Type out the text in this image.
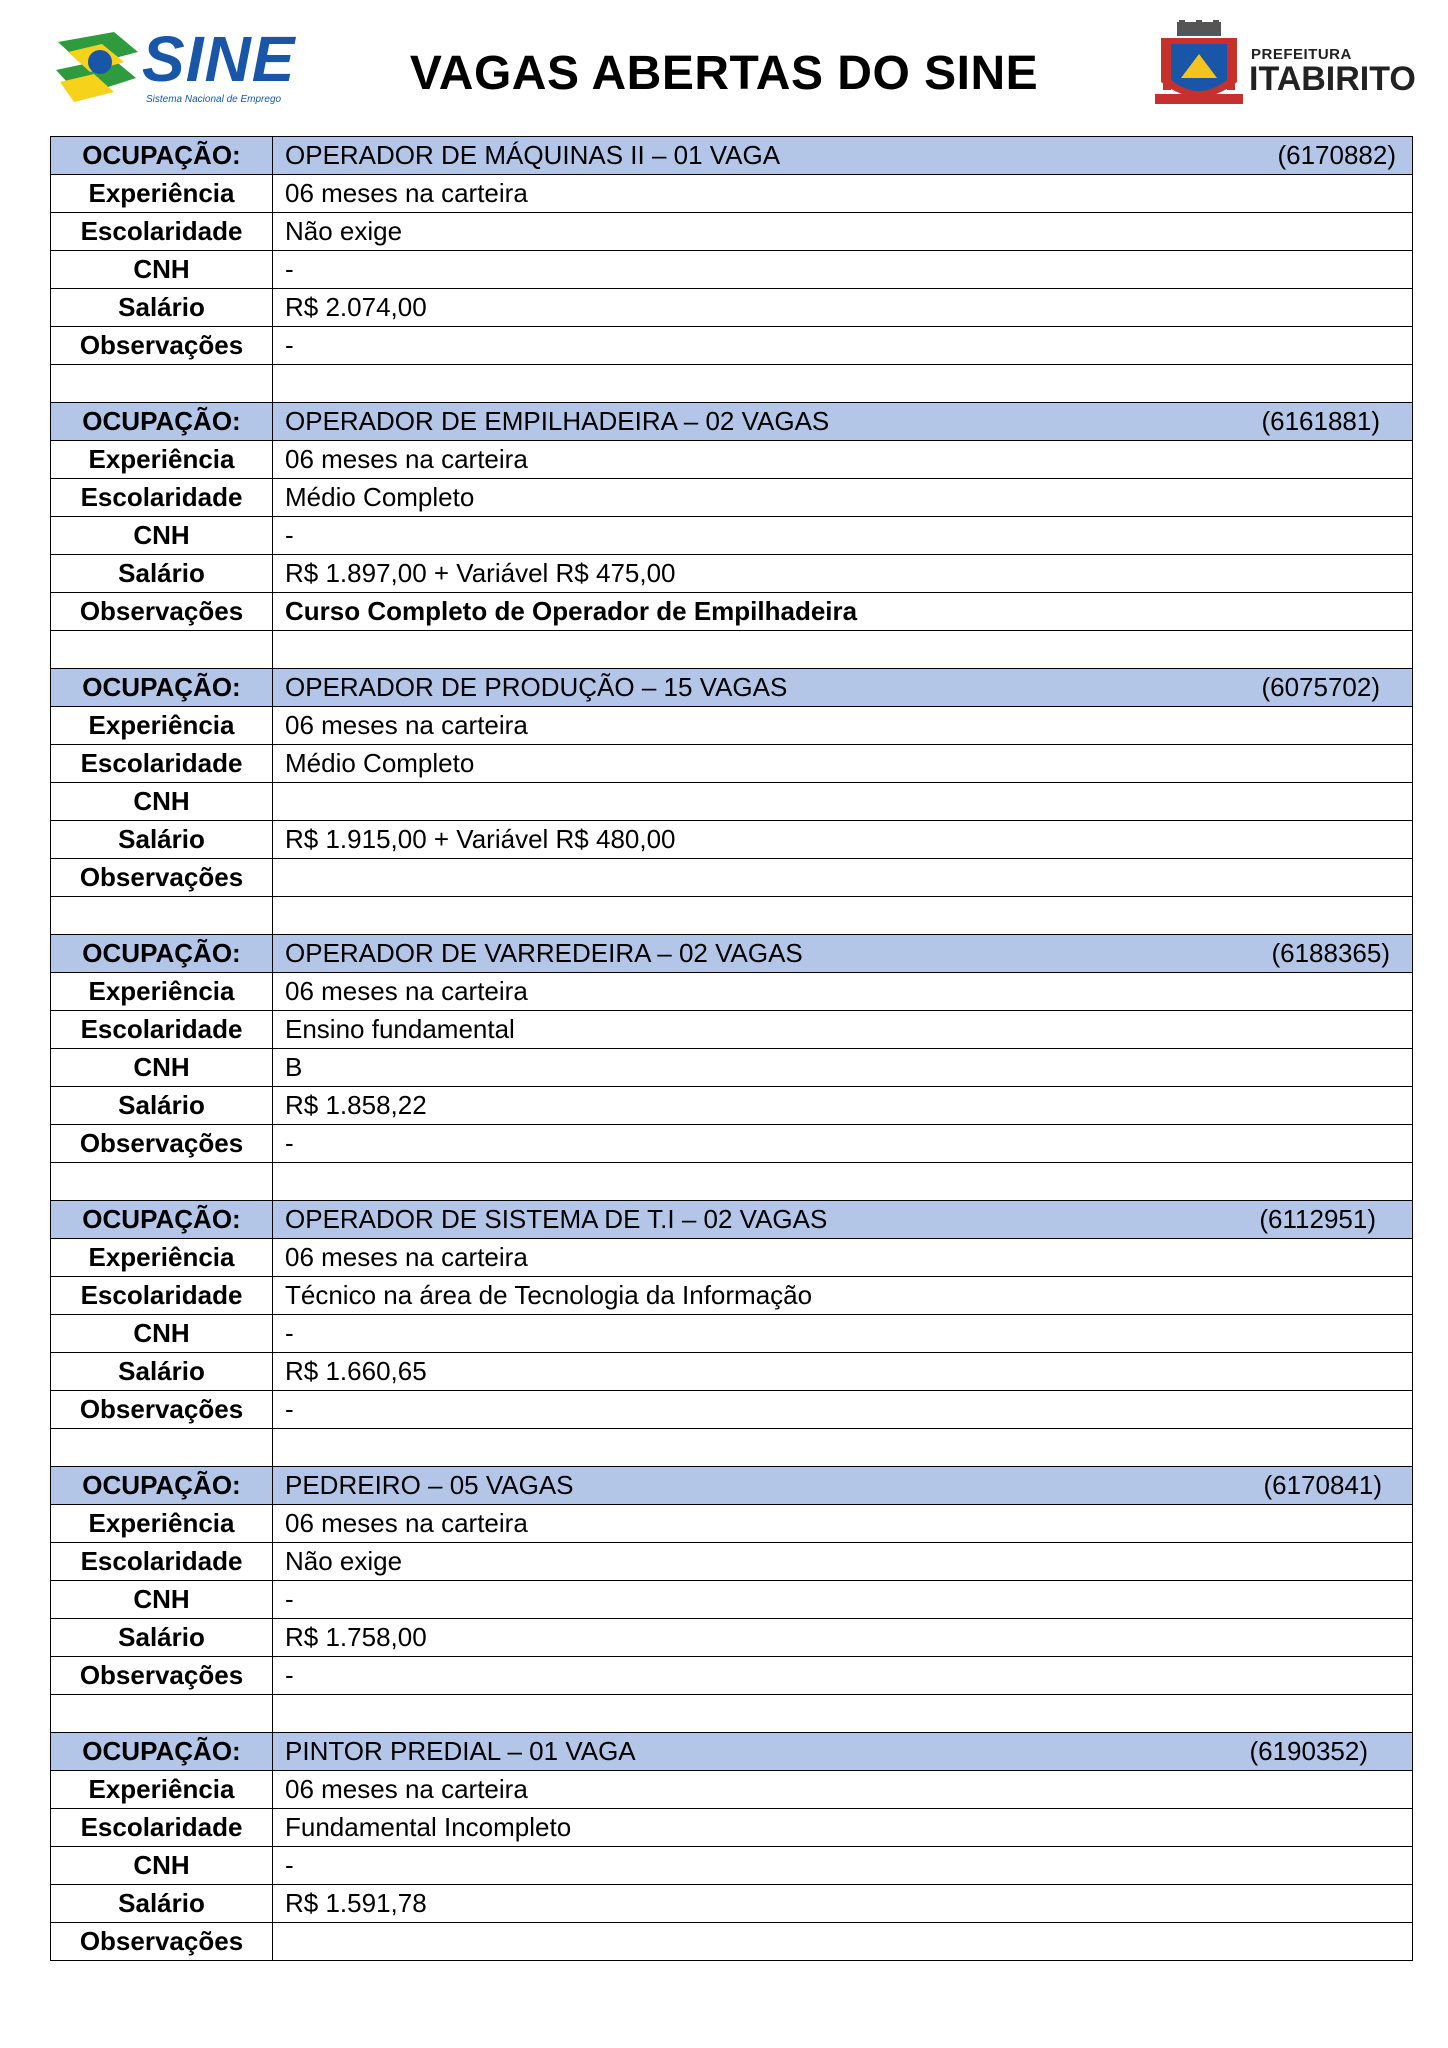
SINE
Sistema Nacional de Emprego	VAGAS ABERTAS DO SINE	PREFEITURA
ITABIRITO
OCUPAÇÃO:	OPERADOR DE MÁQUINAS II – 01 VAGA (6170882)

Experiência	06 meses na carteira
Escolaridade	Não exige
CNH	-
Salário	R$ 2.074,00
Observações	-

OCUPAÇÃO:	OPERADOR DE EMPILHADEIRA – 02 VAGAS (6161881)

Experiência	06 meses na carteira
Escolaridade	Médio Completo
CNH	-
Salário	R$ 1.897,00 + Variável R$ 475,00
Observações	Curso Completo de Operador de Empilhadeira

OCUPAÇÃO:	OPERADOR DE PRODUÇÃO – 15 VAGAS (6075702)

Experiência	06 meses na carteira
Escolaridade	Médio Completo
CNH	
Salário	R$ 1.915,00 + Variável R$ 480,00
Observações	

OCUPAÇÃO:	OPERADOR DE VARREDEIRA – 02 VAGAS (6188365)

Experiência	06 meses na carteira
Escolaridade	Ensino fundamental
CNH	B
Salário	R$ 1.858,22
Observações	-

OCUPAÇÃO:	OPERADOR DE SISTEMA DE T.I – 02 VAGAS (6112951)

Experiência	06 meses na carteira
Escolaridade	Técnico na área de Tecnologia da Informação
CNH	-
Salário	R$ 1.660,65
Observações	-

OCUPAÇÃO:	PEDREIRO – 05 VAGAS (6170841)

Experiência	06 meses na carteira
Escolaridade	Não exige
CNH	-
Salário	R$ 1.758,00
Observações	-

OCUPAÇÃO:	PINTOR PREDIAL – 01 VAGA (6190352)

Experiência	06 meses na carteira
Escolaridade	Fundamental Incompleto
CNH	-
Salário	R$ 1.591,78
Observações	
